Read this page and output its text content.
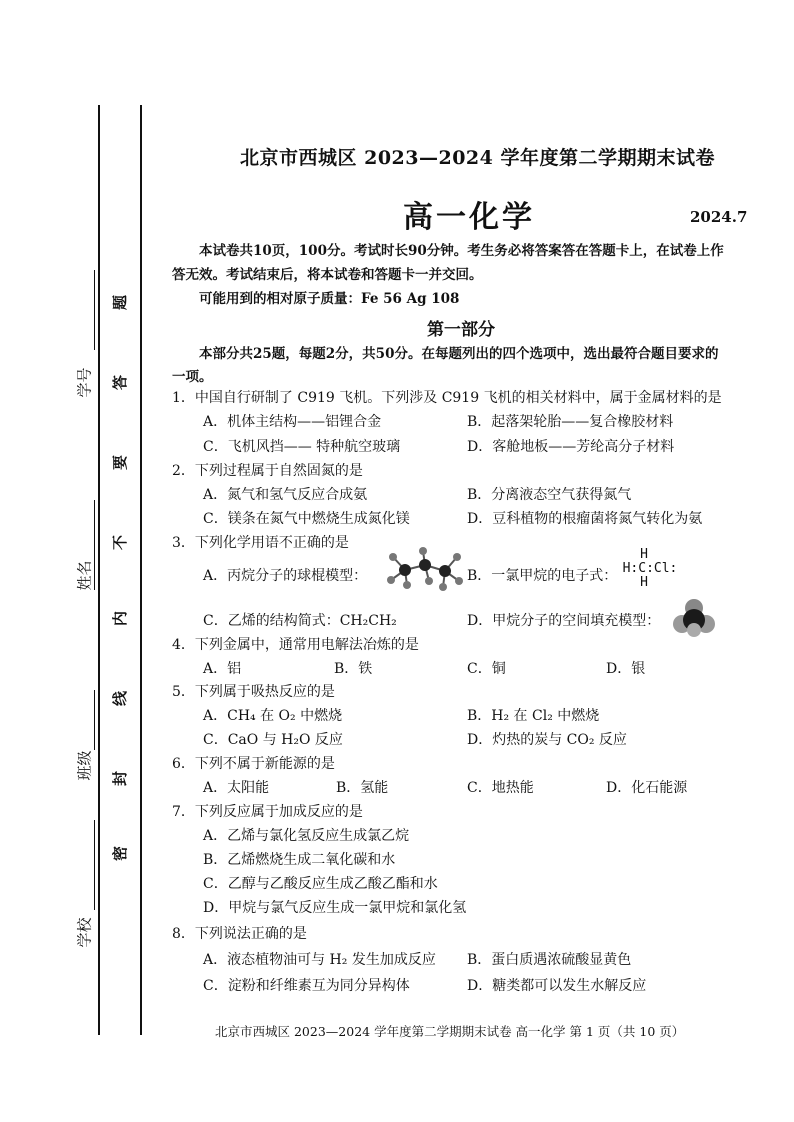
学号
姓名
班级
学校
题
答
要
不
内
线
封
密
北京市西城区 2023—2024 学年度第二学期期末试卷
高一化学	2024.7
本试卷共10页，100分。考试时长90分钟。考生务必将答案答在答题卡上，在试卷上作
答无效。考试结束后，将本试卷和答题卡一并交回。
可能用到的相对原子质量：Fe 56 Ag 108
第一部分
本部分共25题，每题2分，共50分。在每题列出的四个选项中，选出最符合题目要求的
一项。
1．中国自行研制了 C919 飞机。下列涉及 C919 飞机的相关材料中，属于金属材料的是
A．机体主结构——铝锂合金	B．起落架轮胎——复合橡胶材料
C．飞机风挡—— 特种航空玻璃	D．客舱地板——芳纶高分子材料
2．下列过程属于自然固氮的是
A．氮气和氢气反应合成氨	B．分离液态空气获得氮气
C．镁条在氮气中燃烧生成氮化镁	D．豆科植物的根瘤菌将氮气转化为氨
3．下列化学用语不正确的是
A．丙烷分子的球棍模型：	B．一氯甲烷的电子式：
H
H:C:Cl:
H
C．乙烯的结构简式：CH₂CH₂	D．甲烷分子的空间填充模型：
4．下列金属中，通常用电解法冶炼的是
A．铝	B．铁	C．铜	D．银
5．下列属于吸热反应的是
A．CH₄ 在 O₂ 中燃烧	B．H₂ 在 Cl₂ 中燃烧
C．CaO 与 H₂O 反应	D．灼热的炭与 CO₂ 反应
6．下列不属于新能源的是
A．太阳能	B．氢能	C．地热能	D．化石能源
7．下列反应属于加成反应的是
A．乙烯与氯化氢反应生成氯乙烷
B．乙烯燃烧生成二氧化碳和水
C．乙醇与乙酸反应生成乙酸乙酯和水
D．甲烷与氯气反应生成一氯甲烷和氯化氢
8．下列说法正确的是
A．液态植物油可与 H₂ 发生加成反应 B．蛋白质遇浓硫酸显黄色
C．淀粉和纤维素互为同分异构体	D．糖类都可以发生水解反应
北京市西城区 2023—2024 学年度第二学期期末试卷 高一化学 第 1 页（共 10 页）
